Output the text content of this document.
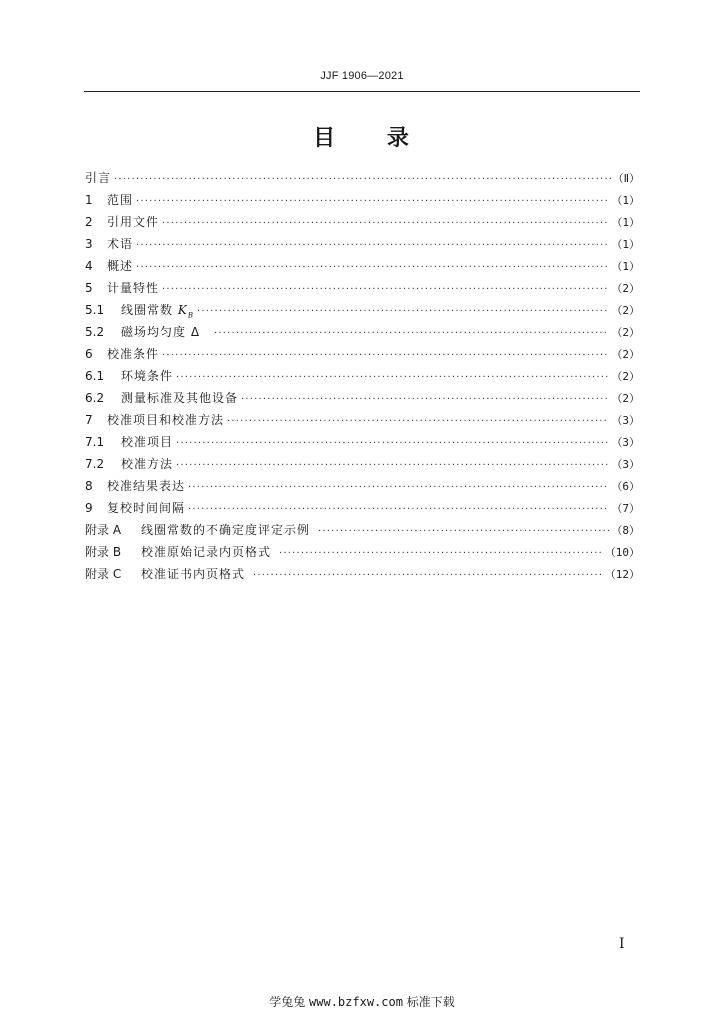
JJF 1906—2021
目 录
引言 ·····	（Ⅱ）
1	范围 ·····	（1）
2	引用文件 ·····	（1）
3	术语 ·····	（1）
4	概述 ·····	（1）
5	计量特性 ·····	（2）
5.1	线圈常数 $K_B$ ·····	（2）
5.2	磁场均匀度 Δ ·····	（2）
6	校准条件 ·····	（2）
6.1	环境条件 ·····	（2）
6.2	测量标准及其他设备 ·····	（2）
7	校准项目和校准方法 ·····	（3）
7.1	校准项目 ·····	（3）
7.2	校准方法 ·····	（3）
8	校准结果表达 ·····	（6）
9	复校时间间隔 ·····	（7）
附录 A	线圈常数的不确定度评定示例 ·····	（8）
附录 B	校准原始记录内页格式 ·····	（10）
附录 C	校准证书内页格式 ·····	（12）
I
学兔兔 www.bzfxw.com 标准下载
